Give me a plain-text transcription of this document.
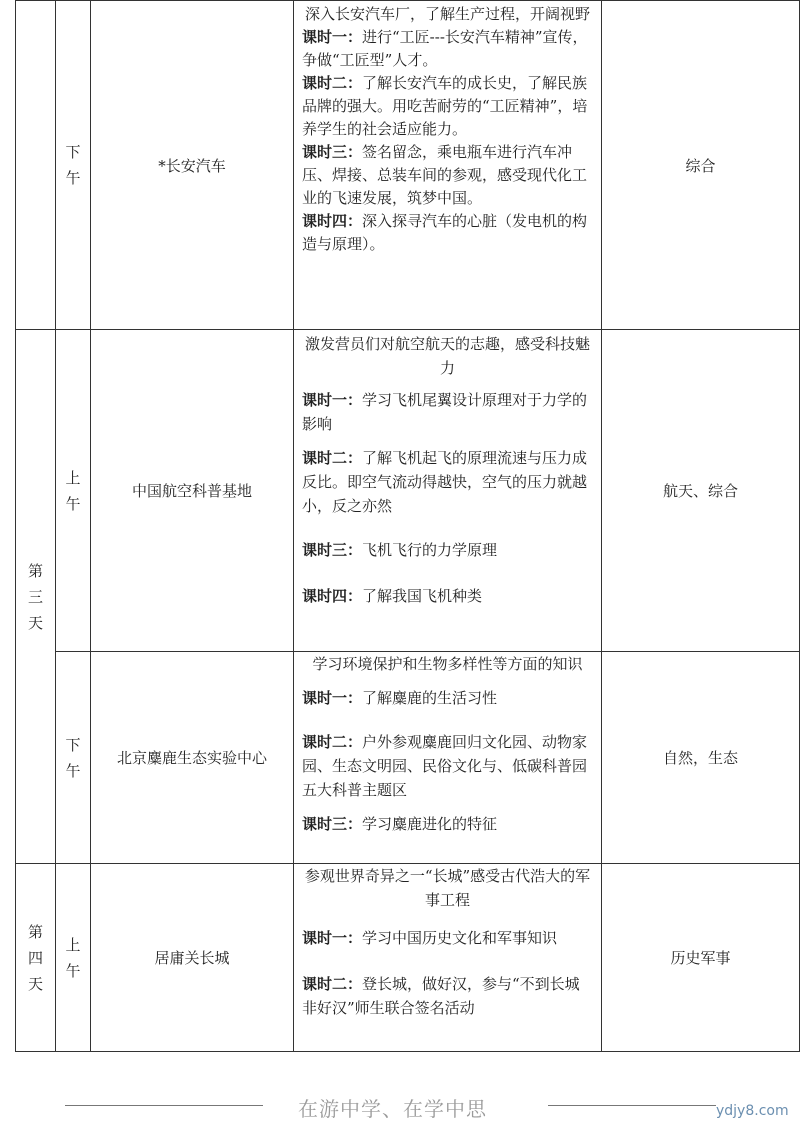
	下午	*长安汽车	深入长安汽车厂，了解生产过程，开阔视野
课时一：进行“工匠---长安汽车精神”宣传，争做“工匠型”人才。
课时二：了解长安汽车的成长史，了解民族品牌的强大。用吃苦耐劳的“工匠精神”，培养学生的社会适应能力。
课时三：签名留念，乘电瓶车进行汽车冲压、焊接、总装车间的参观，感受现代化工业的飞速发展，筑梦中国。
课时四：深入探寻汽车的心脏（发电机的构造与原理）。	综合
第三天	上午	中国航空科普基地	激发营员们对航空航天的志趣，感受科技魅力
课时一：学习飞机尾翼设计原理对于力学的影响
课时二：了解飞机起飞的原理流速与压力成反比。即空气流动得越快，空气的压力就越小，反之亦然
课时三：飞机飞行的力学原理
课时四：了解我国飞机种类	航天、综合
	下午	北京麋鹿生态实验中心	学习环境保护和生物多样性等方面的知识
课时一：了解麋鹿的生活习性
课时二：户外参观麋鹿回归文化园、动物家园、生态文明园、民俗文化与、低碳科普园五大科普主题区
课时三：学习麋鹿进化的特征	自然，生态
第四天	上午	居庸关长城	参观世界奇异之一“长城”感受古代浩大的军事工程
课时一：学习中国历史文化和军事知识
课时二：登长城，做好汉，参与“不到长城非好汉”师生联合签名活动	历史军事
在游中学、在学中思	ydjy8.com
